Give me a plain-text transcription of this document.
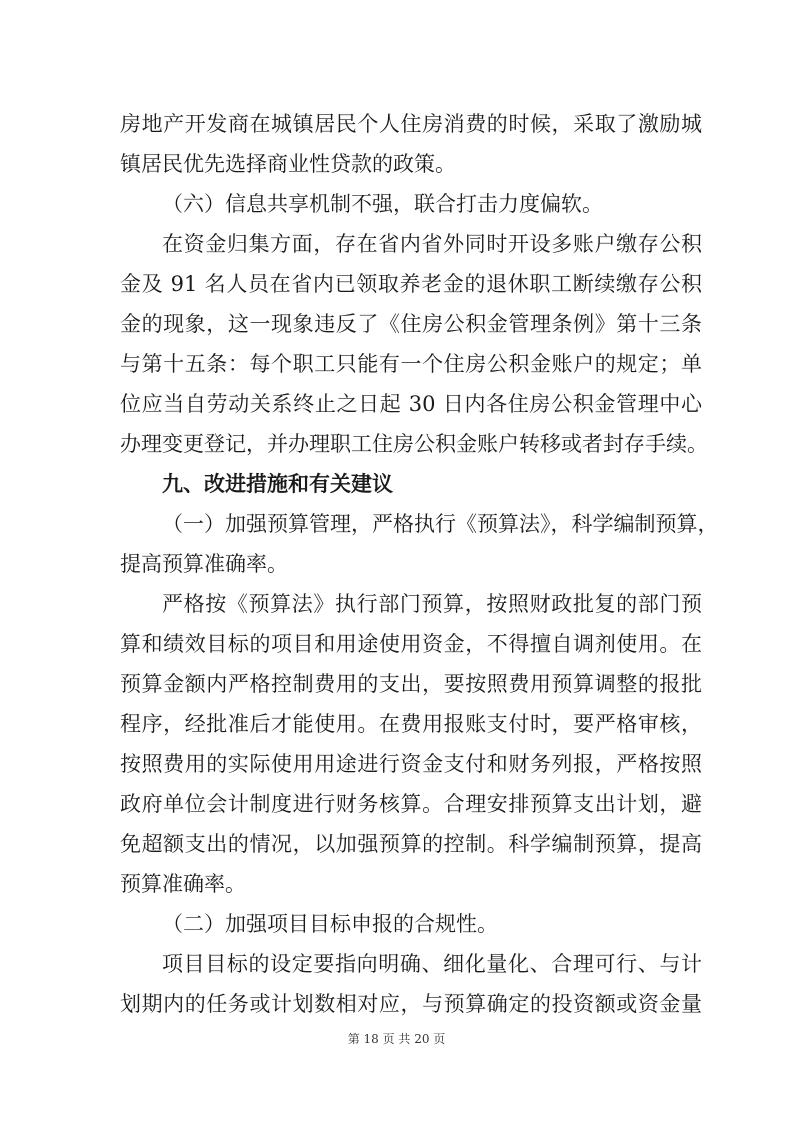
房地产开发商在城镇居民个人住房消费的时候，采取了激励城
镇居民优先选择商业性贷款的政策。
（六）信息共享机制不强，联合打击力度偏软。
在资金归集方面，存在省内省外同时开设多账户缴存公积
金及 91 名人员在省内已领取养老金的退休职工断续缴存公积
金的现象，这一现象违反了《住房公积金管理条例》第十三条
与第十五条：每个职工只能有一个住房公积金账户的规定；单
位应当自劳动关系终止之日起 30 日内各住房公积金管理中心
办理变更登记，并办理职工住房公积金账户转移或者封存手续。
九、改进措施和有关建议
（一）加强预算管理，严格执行《预算法》，科学编制预算，
提高预算准确率。
严格按《预算法》执行部门预算，按照财政批复的部门预
算和绩效目标的项目和用途使用资金，不得擅自调剂使用。在
预算金额内严格控制费用的支出，要按照费用预算调整的报批
程序，经批准后才能使用。在费用报账支付时，要严格审核，
按照费用的实际使用用途进行资金支付和财务列报，严格按照
政府单位会计制度进行财务核算。合理安排预算支出计划，避
免超额支出的情况，以加强预算的控制。科学编制预算，提高
预算准确率。
（二）加强项目目标申报的合规性。
项目目标的设定要指向明确、细化量化、合理可行、与计
划期内的任务或计划数相对应，与预算确定的投资额或资金量
第 18 页 共 20 页
